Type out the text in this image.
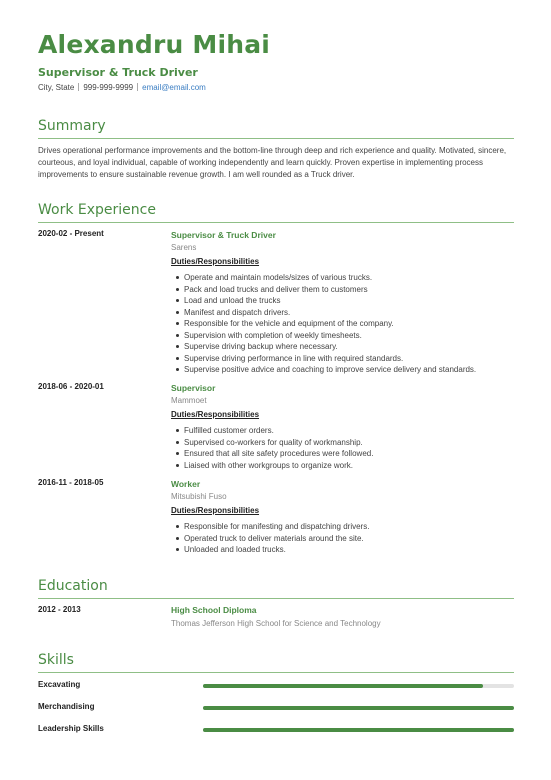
Alexandru Mihai
Supervisor & Truck Driver
City, State 999-999-9999 email@email.com
Summary
Drives operational performance improvements and the bottom-line through deep and rich experience and quality. Motivated, sincere, courteous, and loyal individual, capable of working independently and learn quickly. Proven expertise in implementing process improvements to ensure sustainable revenue growth. I am well rounded as a Truck driver.
Work Experience
2020-02 - Present	Supervisor & Truck Driver
Sarens
Duties/Responsibilities
Operate and maintain models/sizes of various trucks.
Pack and load trucks and deliver them to customers
Load and unload the trucks
Manifest and dispatch drivers.
Responsible for the vehicle and equipment of the company.
Supervision with completion of weekly timesheets.
Supervise driving backup where necessary.
Supervise driving performance in line with required standards.
Supervise positive advice and coaching to improve service delivery and standards.
2018-06 - 2020-01	Supervisor
Mammoet
Duties/Responsibilities
Fulfilled customer orders.
Supervised co-workers for quality of workmanship.
Ensured that all site safety procedures were followed.
Liaised with other workgroups to organize work.
2016-11 - 2018-05	Worker
Mitsubishi Fuso
Duties/Responsibilities
Responsible for manifesting and dispatching drivers.
Operated truck to deliver materials around the site.
Unloaded and loaded trucks.
Education
2012 - 2013	High School Diploma
Thomas Jefferson High School for Science and Technology
Skills
Excavating
Merchandising
Leadership Skills
